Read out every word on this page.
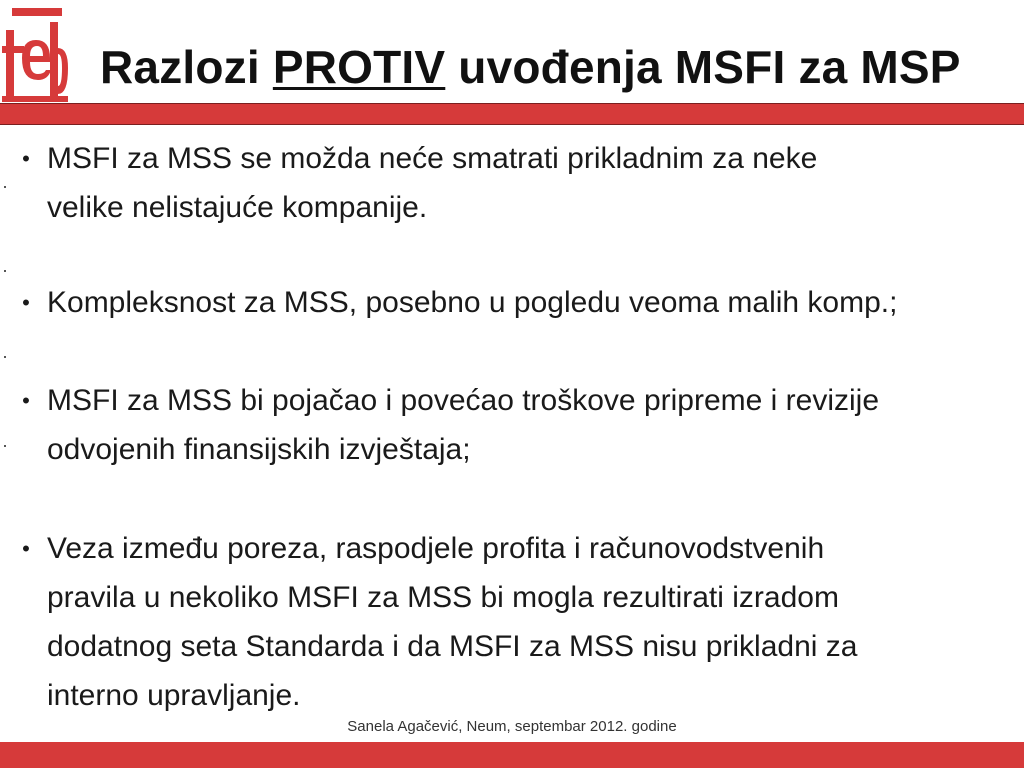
Razlozi PROTIV uvođenja MSFI za MSP
• MSFI za MSS se možda neće smatrati prikladnim za neke
velike nelistajuće kompanije.
• Kompleksnost za MSS, posebno u pogledu veoma malih komp.;
• MSFI za MSS bi pojačao i povećao troškove pripreme i revizije
odvojenih finansijskih izvještaja;
• Veza između poreza, raspodjele profita i računovodstvenih
pravila u nekoliko MSFI za MSS bi mogla rezultirati izradom
dodatnog seta Standarda i da MSFI za MSS nisu prikladni za
interno upravljanje.
Sanela Agačević, Neum, septembar 2012. godine
